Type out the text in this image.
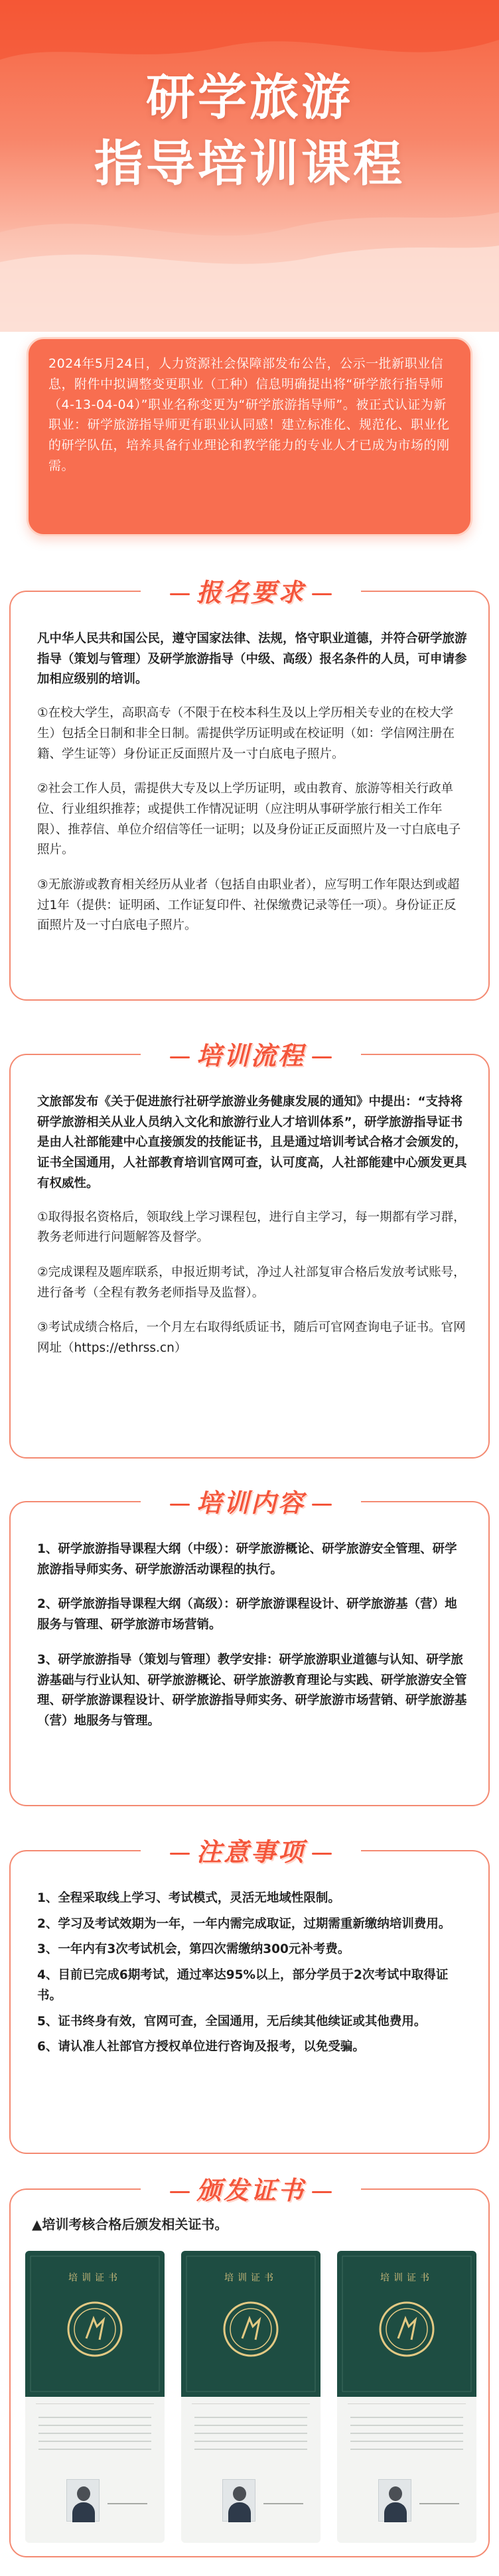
研学旅游
指导培训课程

2024年5月24日，人力资源社会保障部发布公告，公示一批新职业信息，附件中拟调整变更职业（工种）信息明确提出将“研学旅行指导师（4-13-04-04）”职业名称变更为“研学旅游指导师”。被正式认证为新职业：研学旅游指导师更有职业认同感！建立标准化、规范化、职业化的研学队伍，培养具备行业理论和教学能力的专业人才已成为市场的刚需。

报名要求
凡中华人民共和国公民，遵守国家法律、法规，恪守职业道德，并符合研学旅游指导（策划与管理）及研学旅游指导（中级、高级）报名条件的人员，可申请参加相应级别的培训。
①在校大学生，高职高专（不限于在校本科生及以上学历相关专业的在校大学生）包括全日制和非全日制。需提供学历证明或在校证明（如：学信网注册在籍、学生证等）身份证正反面照片及一寸白底电子照片。
②社会工作人员，需提供大专及以上学历证明，或由教育、旅游等相关行政单位、行业组织推荐；或提供工作情况证明（应注明从事研学旅行相关工作年限）、推荐信、单位介绍信等任一证明；以及身份证正反面照片及一寸白底电子照片。
③无旅游或教育相关经历从业者（包括自由职业者），应写明工作年限达到或超过1年（提供：证明函、工作证复印件、社保缴费记录等任一项）。身份证正反面照片及一寸白底电子照片。
培训流程
文旅部发布《关于促进旅行社研学旅游业务健康发展的通知》中提出：“支持将研学旅游相关从业人员纳入文化和旅游行业人才培训体系”，研学旅游指导证书是由人社部能建中心直接颁发的技能证书，且是通过培训考试合格才会颁发的，证书全国通用，人社部教育培训官网可查，认可度高，人社部能建中心颁发更具有权威性。
①取得报名资格后，领取线上学习课程包，进行自主学习，每一期都有学习群，教务老师进行问题解答及督学。
②完成课程及题库联系，申报近期考试，净过人社部复审合格后发放考试账号，进行备考（全程有教务老师指导及监督）。
③考试成绩合格后，一个月左右取得纸质证书，随后可官网查询电子证书。官网网址（https://ethrss.cn）
培训内容
1、研学旅游指导课程大纲（中级）：研学旅游概论、研学旅游安全管理、研学旅游指导师实务、研学旅游活动课程的执行。
2、研学旅游指导课程大纲（高级）：研学旅游课程设计、研学旅游基（营）地服务与管理、研学旅游市场营销。
3、研学旅游指导（策划与管理）教学安排：研学旅游职业道德与认知、研学旅游基础与行业认知、研学旅游概论、研学旅游教育理论与实践、研学旅游安全管理、研学旅游课程设计、研学旅游指导师实务、研学旅游市场营销、研学旅游基（营）地服务与管理。
注意事项
1、全程采取线上学习、考试模式，灵活无地域性限制。
2、学习及考试效期为一年，一年内需完成取证，过期需重新缴纳培训费用。
3、一年内有3次考试机会，第四次需缴纳300元补考费。
4、目前已完成6期考试，通过率达95%以上，部分学员于2次考试中取得证书。
5、证书终身有效，官网可查，全国通用，无后续其他续证或其他费用。
6、请认准人社部官方授权单位进行咨询及报考，以免受骗。
颁发证书
▲培训考核合格后颁发相关证书。
培训证书	培训证书	培训证书
